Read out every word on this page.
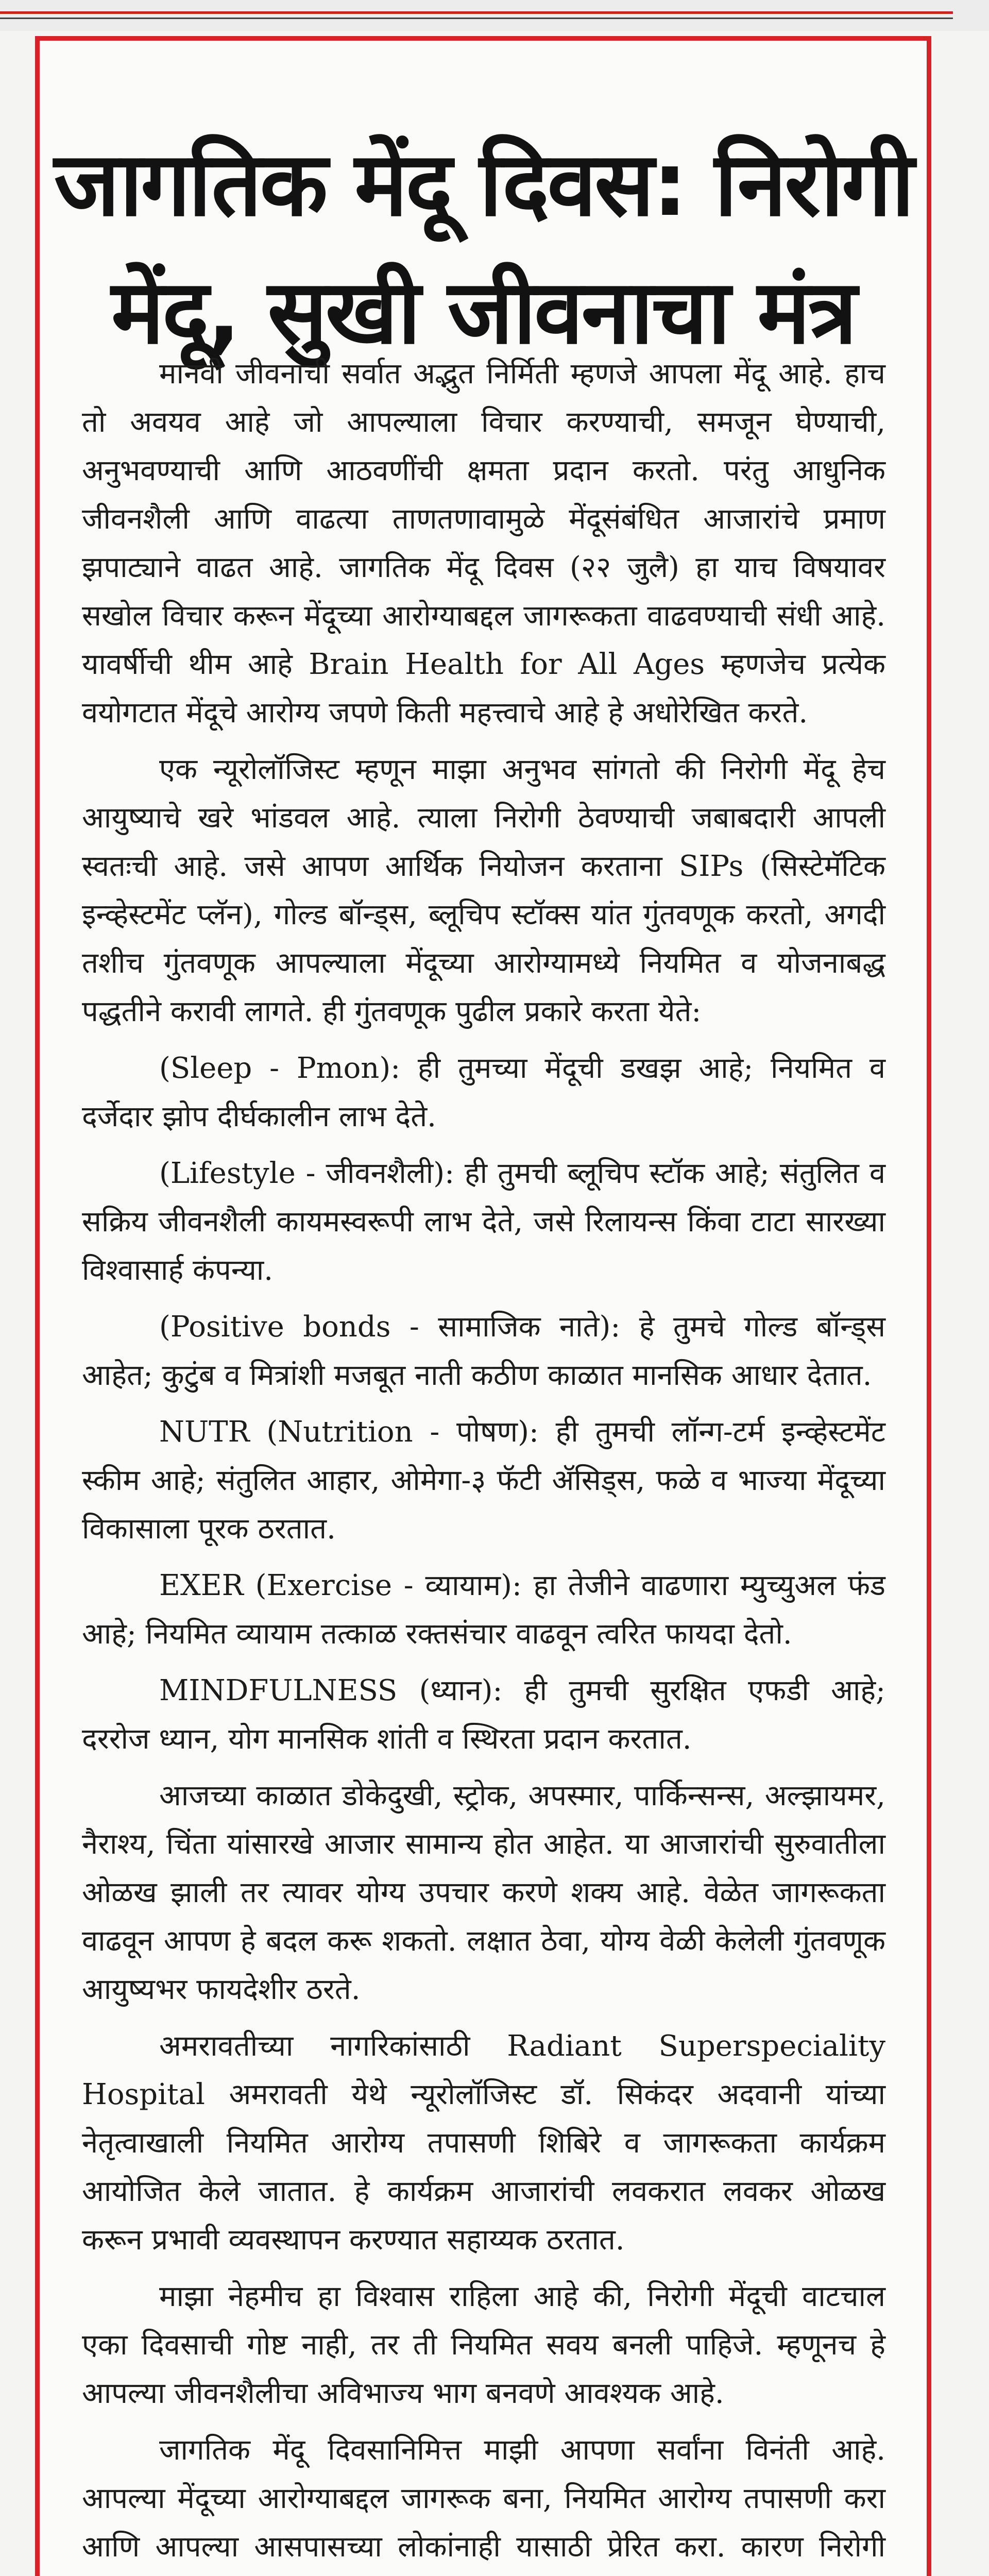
जागतिक मेंदू दिवस: निरोगी
मेंदू, सुखी जीवनाचा मंत्र

मानवी जीवनाची सर्वात अद्भुत निर्मिती म्हणजे आपला मेंदू आहे. हाच तो अवयव आहे जो आपल्याला विचार करण्याची, समजून घेण्याची, अनुभवण्याची आणि आठवणींची क्षमता प्रदान करतो. परंतु आधुनिक जीवनशैली आणि वाढत्या ताणतणावामुळे मेंदूसंबंधित आजारांचे प्रमाण झपाट्याने वाढत आहे. जागतिक मेंदू दिवस (२२ जुलै) हा याच विषयावर सखोल विचार करून मेंदूच्या आरोग्याबद्दल जागरूकता वाढवण्याची संधी आहे. यावर्षीची थीम आहे Brain Health for All Ages म्हणजेच प्रत्येक वयोगटात मेंदूचे आरोग्य जपणे किती महत्त्वाचे आहे हे अधोरेखित करते.

एक न्यूरोलॉजिस्ट म्हणून माझा अनुभव सांगतो की निरोगी मेंदू हेच आयुष्याचे खरे भांडवल आहे. त्याला निरोगी ठेवण्याची जबाबदारी आपली स्वतःची आहे. जसे आपण आर्थिक नियोजन करताना SIPs (सिस्टेमॅटिक इन्व्हेस्टमेंट प्लॅन), गोल्ड बॉन्ड्स, ब्लूचिप स्टॉक्स यांत गुंतवणूक करतो, अगदी तशीच गुंतवणूक आपल्याला मेंदूच्या आरोग्यामध्ये नियमित व योजनाबद्ध पद्धतीने करावी लागते. ही गुंतवणूक पुढील प्रकारे करता येते:

(Sleep - Pmon): ही तुमच्या मेंदूची डखझ आहे; नियमित व दर्जेदार झोप दीर्घकालीन लाभ देते.

(Lifestyle - जीवनशैली): ही तुमची ब्लूचिप स्टॉक आहे; संतुलित व सक्रिय जीवनशैली कायमस्वरूपी लाभ देते, जसे रिलायन्स किंवा टाटा सारख्या विश्वासार्ह कंपन्या.

(Positive bonds - सामाजिक नाते): हे तुमचे गोल्ड बॉन्ड्स आहेत; कुटुंब व मित्रांशी मजबूत नाती कठीण काळात मानसिक आधार देतात.

NUTR (Nutrition - पोषण): ही तुमची लॉन्ग-टर्म इन्व्हेस्टमेंट स्कीम आहे; संतुलित आहार, ओमेगा-३ फॅटी ॲसिड्स, फळे व भाज्या मेंदूच्या विकासाला पूरक ठरतात.

EXER (Exercise - व्यायाम): हा तेजीने वाढणारा म्युच्युअल फंड आहे; नियमित व्यायाम तत्काळ रक्तसंचार वाढवून त्वरित फायदा देतो.

MINDFULNESS (ध्यान): ही तुमची सुरक्षित एफडी आहे; दररोज ध्यान, योग मानसिक शांती व स्थिरता प्रदान करतात.

आजच्या काळात डोकेदुखी, स्ट्रोक, अपस्मार, पार्किन्सन्स, अल्झायमर, नैराश्य, चिंता यांसारखे आजार सामान्य होत आहेत. या आजारांची सुरुवातीला ओळख झाली तर त्यावर योग्य उपचार करणे शक्य आहे. वेळेत जागरूकता वाढवून आपण हे बदल करू शकतो. लक्षात ठेवा, योग्य वेळी केलेली गुंतवणूक आयुष्यभर फायदेशीर ठरते.

अमरावतीच्या नागरिकांसाठी Radiant Superspeciality Hospital अमरावती येथे न्यूरोलॉजिस्ट डॉ. सिकंदर अदवानी यांच्या नेतृत्वाखाली नियमित आरोग्य तपासणी शिबिरे व जागरूकता कार्यक्रम आयोजित केले जातात. हे कार्यक्रम आजारांची लवकरात लवकर ओळख करून प्रभावी व्यवस्थापन करण्यात सहाय्यक ठरतात.

माझा नेहमीच हा विश्वास राहिला आहे की, निरोगी मेंदूची वाटचाल एका दिवसाची गोष्ट नाही, तर ती नियमित सवय बनली पाहिजे. म्हणूनच हे आपल्या जीवनशैलीचा अविभाज्य भाग बनवणे आवश्यक आहे.

जागतिक मेंदू दिवसानिमित्त माझी आपणा सर्वांना विनंती आहे. आपल्या मेंदूच्या आरोग्याबद्दल जागरूक बना, नियमित आरोग्य तपासणी करा आणि आपल्या आसपासच्या लोकांनाही यासाठी प्रेरित करा. कारण निरोगी
